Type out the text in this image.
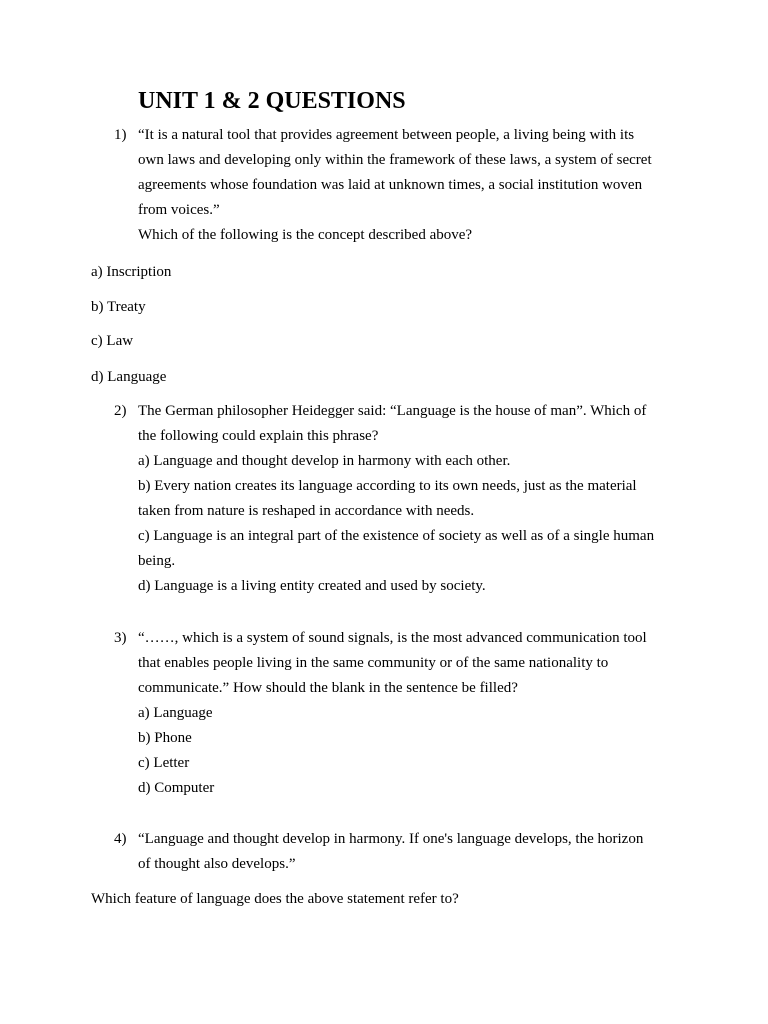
UNIT 1 & 2 QUESTIONS
1) “It is a natural tool that provides agreement between people, a living being with its
own laws and developing only within the framework of these laws, a system of secret
agreements whose foundation was laid at unknown times, a social institution woven
from voices.”
Which of the following is the concept described above?
a) Inscription
b) Treaty
c) Law
d) Language
2) The German philosopher Heidegger said: “Language is the house of man”. Which of
the following could explain this phrase?
a) Language and thought develop in harmony with each other.
b) Every nation creates its language according to its own needs, just as the material
taken from nature is reshaped in accordance with needs.
c) Language is an integral part of the existence of society as well as of a single human
being.
d) Language is a living entity created and used by society.
3) “……, which is a system of sound signals, is the most advanced communication tool
that enables people living in the same community or of the same nationality to
communicate.” How should the blank in the sentence be filled?
a) Language
b) Phone
c) Letter
d) Computer
4) “Language and thought develop in harmony. If one's language develops, the horizon
of thought also develops.”
Which feature of language does the above statement refer to?
